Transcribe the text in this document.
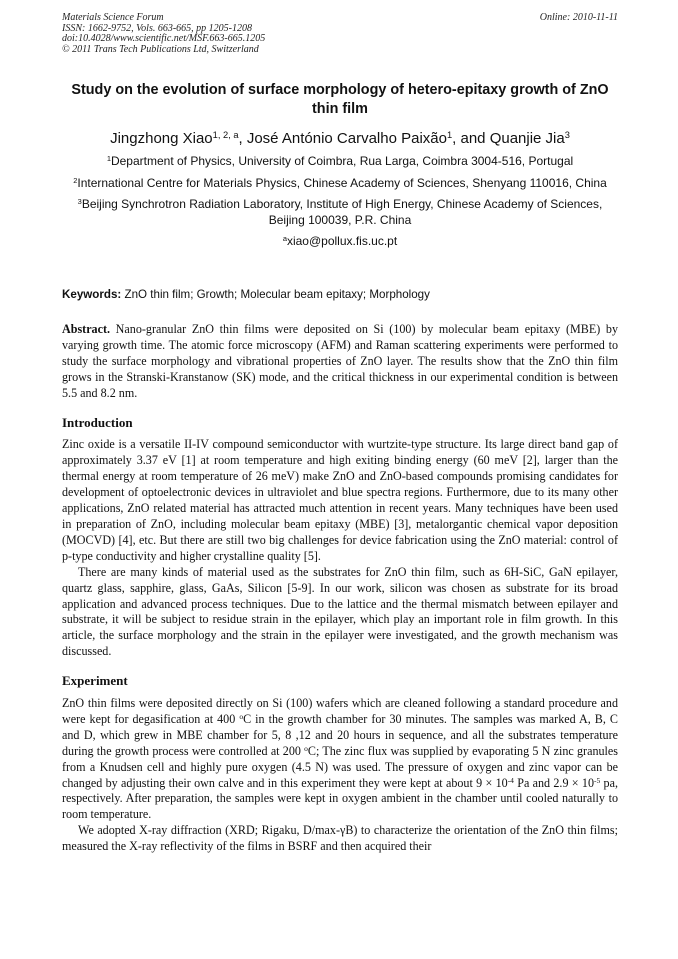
Materials Science Forum	Online: 2010-11-11
ISSN: 1662-9752, Vols. 663-665, pp 1205-1208
doi:10.4028/www.scientific.net/MSF.663-665.1205
© 2011 Trans Tech Publications Ltd, Switzerland
Study on the evolution of surface morphology of hetero-epitaxy growth of ZnO thin film
Jingzhong Xiao$^{1, 2, a}$, José António Carvalho Paixão$^1$, and Quanjie Jia$^3$
$^1$Department of Physics, University of Coimbra, Rua Larga, Coimbra 3004-516, Portugal
$^2$International Centre for Materials Physics, Chinese Academy of Sciences, Shenyang 110016, China
$^3$Beijing Synchrotron Radiation Laboratory, Institute of High Energy, Chinese Academy of Sciences, Beijing 100039, P.R. China
$^a$xiao@pollux.fis.uc.pt
Keywords: ZnO thin film; Growth; Molecular beam epitaxy; Morphology

Abstract. Nano-granular ZnO thin films were deposited on Si (100) by molecular beam epitaxy (MBE) by varying growth time. The atomic force microscopy (AFM) and Raman scattering experiments were performed to study the surface morphology and vibrational properties of ZnO layer. The results show that the ZnO thin film grows in the Stranski-Kranstanow (SK) mode, and the critical thickness in our experimental condition is between 5.5 and 8.2 nm.

Introduction

Zinc oxide is a versatile II-IV compound semiconductor with wurtzite-type structure. Its large direct band gap of approximately 3.37 eV [1] at room temperature and high exiting binding energy (60 meV [2], larger than the thermal energy at room temperature of 26 meV) make ZnO and ZnO-based compounds promising candidates for development of optoelectronic devices in ultraviolet and blue spectra regions. Furthermore, due to its many other applications, ZnO related material has attracted much attention in recent years. Many techniques have been used in preparation of ZnO, including molecular beam epitaxy (MBE) [3], metalorgantic chemical vapor deposition (MOCVD) [4], etc. But there are still two big challenges for device fabrication using the ZnO material: control of p-type conductivity and higher crystalline quality [5].

There are many kinds of material used as the substrates for ZnO thin film, such as 6H-SiC, GaN epilayer, quartz glass, sapphire, glass, GaAs, Silicon [5-9]. In our work, silicon was chosen as substrate for its broad application and advanced process techniques. Due to the lattice and the thermal mismatch between epilayer and substrate, it will be subject to residue strain in the epilayer, which play an important role in film growth. In this article, the surface morphology and the strain in the epilayer were investigated, and the growth mechanism was discussed.

Experiment

ZnO thin films were deposited directly on Si (100) wafers which are cleaned following a standard procedure and were kept for degasification at 400 $^o$C in the growth chamber for 30 minutes. The samples was marked A, B, C and D, which grew in MBE chamber for 5, 8 ,12 and 20 hours in sequence, and all the substrates temperature during the growth process were controlled at 200 $^o$C; The zinc flux was supplied by evaporating 5 N zinc granules from a Knudsen cell and highly pure oxygen (4.5 N) was used. The pressure of oxygen and zinc vapor can be changed by adjusting their own calve and in this experiment they were kept at about $9 \times 10^{-4}$ Pa and $2.9 \times 10^{-5}$ pa, respectively. After preparation, the samples were kept in oxygen ambient in the chamber until cooled naturally to room temperature.

We adopted X-ray diffraction (XRD; Rigaku, D/max-γB) to characterize the orientation of the ZnO thin films; measured the X-ray reflectivity of the films in BSRF and then acquired their
